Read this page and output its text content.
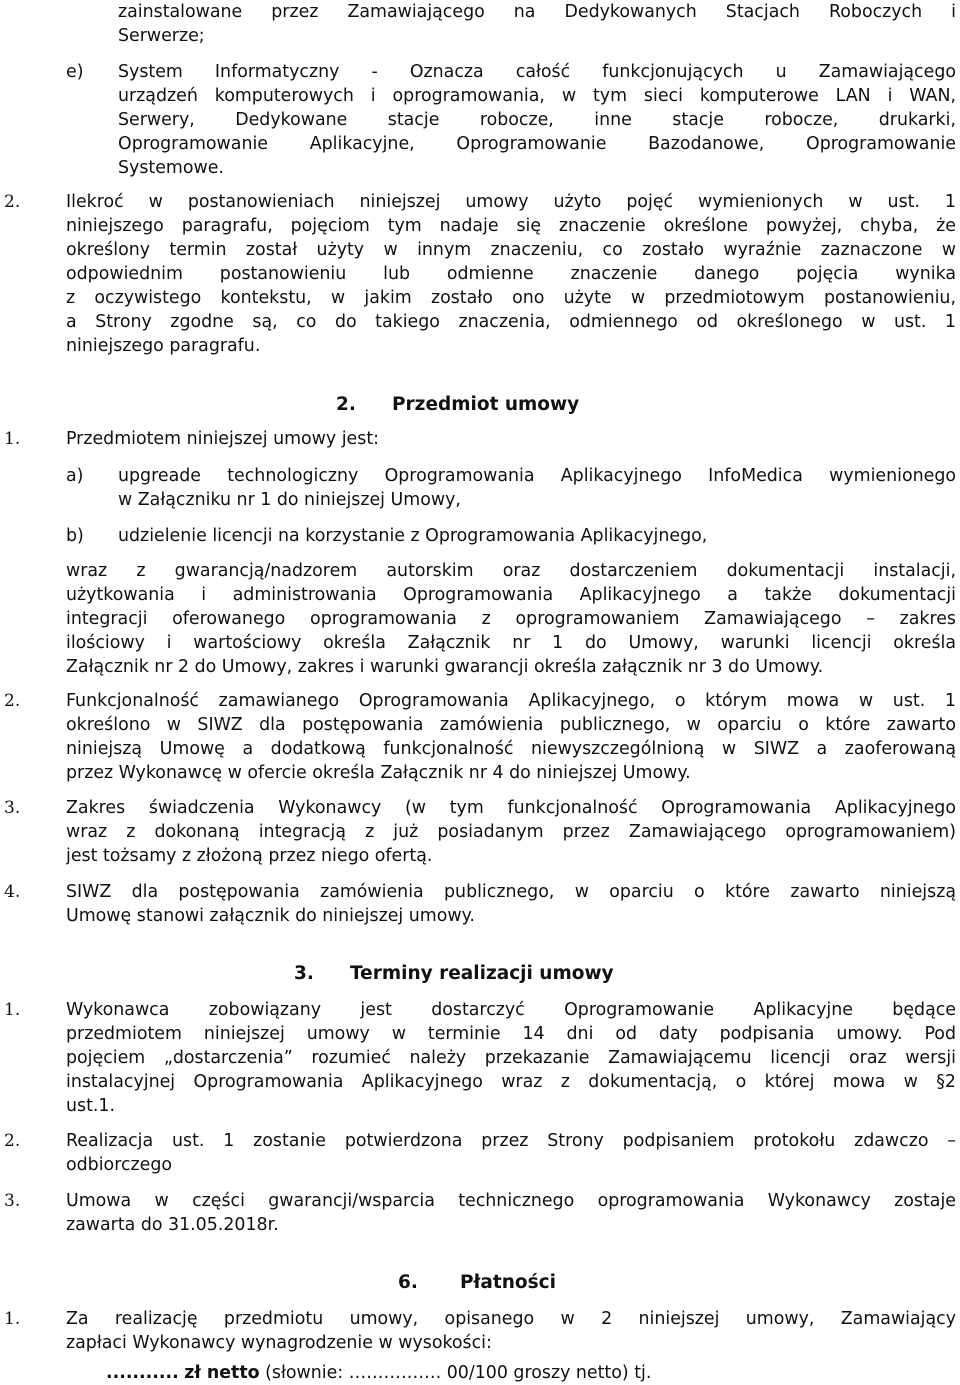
zainstalowane przez Zamawiającego na Dedykowanych Stacjach Roboczych i
Serwerze;
e) System Informatyczny - Oznacza całość funkcjonujących u Zamawiającego
urządzeń komputerowych i oprogramowania, w tym sieci komputerowe LAN i WAN,
Serwery, Dedykowane stacje robocze, inne stacje robocze, drukarki,
Oprogramowanie Aplikacyjne, Oprogramowanie Bazodanowe, Oprogramowanie
Systemowe.
2.	Ilekroć w postanowieniach niniejszej umowy użyto pojęć wymienionych w ust. 1
niniejszego paragrafu, pojęciom tym nadaje się znaczenie określone powyżej, chyba, że
określony termin został użyty w innym znaczeniu, co zostało wyraźnie zaznaczone w
odpowiednim postanowieniu lub odmienne znaczenie danego pojęcia wynika
z oczywistego kontekstu, w jakim zostało ono użyte w przedmiotowym postanowieniu,
a Strony zgodne są, co do takiego znaczenia, odmiennego od określonego w ust. 1
niniejszego paragrafu.
2. Przedmiot umowy
1.	Przedmiotem niniejszej umowy jest:
a) upgreade technologiczny Oprogramowania Aplikacyjnego InfoMedica wymienionego
w Załączniku nr 1 do niniejszej Umowy,
b) udzielenie licencji na korzystanie z Oprogramowania Aplikacyjnego,
wraz z gwarancją/nadzorem autorskim oraz dostarczeniem dokumentacji instalacji,
użytkowania i administrowania Oprogramowania Aplikacyjnego a także dokumentacji
integracji oferowanego oprogramowania z oprogramowaniem Zamawiającego – zakres
ilościowy i wartościowy określa Załącznik nr 1 do Umowy, warunki licencji określa
Załącznik nr 2 do Umowy, zakres i warunki gwarancji określa załącznik nr 3 do Umowy.
2.	Funkcjonalność zamawianego Oprogramowania Aplikacyjnego, o którym mowa w ust. 1
określono w SIWZ dla postępowania zamówienia publicznego, w oparciu o które zawarto
niniejszą Umowę a dodatkową funkcjonalność niewyszczególnioną w SIWZ a zaoferowaną
przez Wykonawcę w ofercie określa Załącznik nr 4 do niniejszej Umowy.
3.	Zakres świadczenia Wykonawcy (w tym funkcjonalność Oprogramowania Aplikacyjnego
wraz z dokonaną integracją z już posiadanym przez Zamawiającego oprogramowaniem)
jest tożsamy z złożoną przez niego ofertą.
4.	SIWZ dla postępowania zamówienia publicznego, w oparciu o które zawarto niniejszą
Umowę stanowi załącznik do niniejszej umowy.
3. Terminy realizacji umowy
1.	Wykonawca zobowiązany jest dostarczyć Oprogramowanie Aplikacyjne będące
przedmiotem niniejszej umowy w terminie 14 dni od daty podpisania umowy. Pod
pojęciem „dostarczenia” rozumieć należy przekazanie Zamawiającemu licencji oraz wersji
instalacyjnej Oprogramowania Aplikacyjnego wraz z dokumentacją, o której mowa w §2
ust.1.
2.	Realizacja ust. 1 zostanie potwierdzona przez Strony podpisaniem protokołu zdawczo –
odbiorczego
3.	Umowa w części gwarancji/wsparcia technicznego oprogramowania Wykonawcy zostaje
zawarta do 31.05.2018r.
6. Płatności
1.	Za realizację przedmiotu umowy, opisanego w 2 niniejszej umowy, Zamawiający
zapłaci Wykonawcy wynagrodzenie w wysokości:
........... zł netto (słownie: ……………. 00/100 groszy netto) tj.
